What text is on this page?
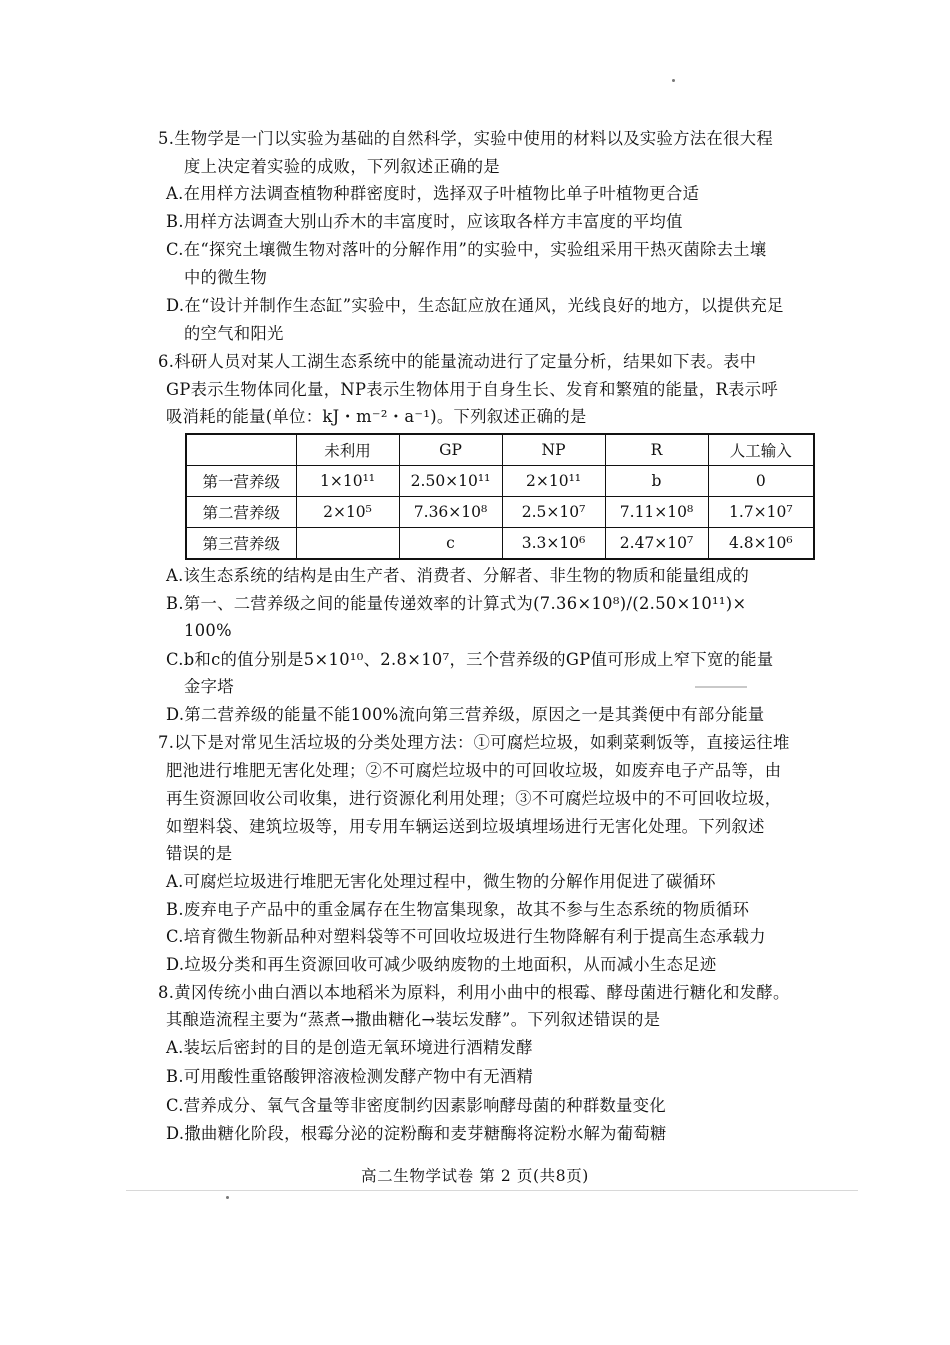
5.生物学是一门以实验为基础的自然科学，实验中使用的材料以及实验方法在很大程
度上决定着实验的成败，下列叙述正确的是
A.在用样方法调查植物种群密度时，选择双子叶植物比单子叶植物更合适
B.用样方法调查大别山乔木的丰富度时，应该取各样方丰富度的平均值
C.在“探究土壤微生物对落叶的分解作用”的实验中，实验组采用干热灭菌除去土壤
中的微生物
D.在“设计并制作生态缸”实验中，生态缸应放在通风，光线良好的地方，以提供充足
的空气和阳光
6.科研人员对某人工湖生态系统中的能量流动进行了定量分析，结果如下表。表中
GP表示生物体同化量，NP表示生物体用于自身生长、发育和繁殖的能量，R表示呼
吸消耗的能量(单位：kJ・m⁻²・a⁻¹)。下列叙述正确的是
	未利用	GP	NP	R	人工输入
第一营养级	1×10¹¹	2.50×10¹¹	2×10¹¹	b	0
第二营养级	2×10⁵	7.36×10⁸	2.5×10⁷	7.11×10⁸	1.7×10⁷
第三营养级		c	3.3×10⁶	2.47×10⁷	4.8×10⁶
A.该生态系统的结构是由生产者、消费者、分解者、非生物的物质和能量组成的
B.第一、二营养级之间的能量传递效率的计算式为(7.36×10⁸)/(2.50×10¹¹)×
100%
C.b和c的值分别是5×10¹⁰、2.8×10⁷，三个营养级的GP值可形成上窄下宽的能量
金字塔
D.第二营养级的能量不能100%流向第三营养级，原因之一是其粪便中有部分能量
7.以下是对常见生活垃圾的分类处理方法：①可腐烂垃圾，如剩菜剩饭等，直接运往堆
肥池进行堆肥无害化处理；②不可腐烂垃圾中的可回收垃圾，如废弃电子产品等，由
再生资源回收公司收集，进行资源化利用处理；③不可腐烂垃圾中的不可回收垃圾，
如塑料袋、建筑垃圾等，用专用车辆运送到垃圾填埋场进行无害化处理。下列叙述
错误的是
A.可腐烂垃圾进行堆肥无害化处理过程中，微生物的分解作用促进了碳循环
B.废弃电子产品中的重金属存在生物富集现象，故其不参与生态系统的物质循环
C.培育微生物新品种对塑料袋等不可回收垃圾进行生物降解有利于提高生态承载力
D.垃圾分类和再生资源回收可减少吸纳废物的土地面积，从而减小生态足迹
8.黄冈传统小曲白酒以本地稻米为原料，利用小曲中的根霉、酵母菌进行糖化和发酵。
其酿造流程主要为“蒸煮→撒曲糖化→装坛发酵”。下列叙述错误的是
A.装坛后密封的目的是创造无氧环境进行酒精发酵
B.可用酸性重铬酸钾溶液检测发酵产物中有无酒精
C.营养成分、氧气含量等非密度制约因素影响酵母菌的种群数量变化
D.撒曲糖化阶段，根霉分泌的淀粉酶和麦芽糖酶将淀粉水解为葡萄糖
高二生物学试卷 第 2 页(共8页)
